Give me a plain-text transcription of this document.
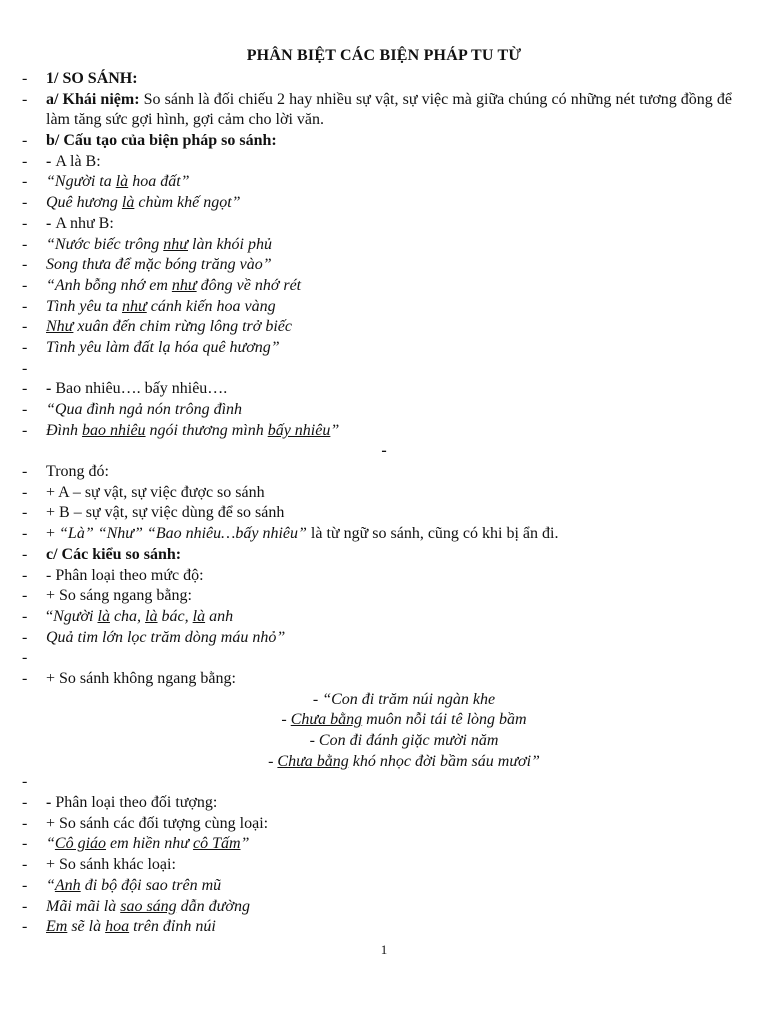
PHÂN BIỆT CÁC BIỆN PHÁP TU TỪ
- 1/ SO SÁNH:
- a/ Khái niệm: So sánh là đối chiếu 2 hay nhiều sự vật, sự việc mà giữa chúng có những nét tương đồng để làm tăng sức gợi hình, gợi cảm cho lời văn.
- b/ Cấu tạo của biện pháp so sánh:
- - A là B:
- “Người ta là hoa đất”
- Quê hương là chùm khế ngọt”
- - A như B:
- “Nước biếc trông như làn khói phủ
- Song thưa để mặc bóng trăng vào”
- “Anh bỗng nhớ em như đông về nhớ rét
- Tình yêu ta như cánh kiến hoa vàng
- Như xuân đến chim rừng lông trở biếc
- Tình yêu làm đất lạ hóa quê hương”
-
- - Bao nhiêu…. bấy nhiêu….
- “Qua đình ngả nón trông đình
- Đình bao nhiêu ngói thương mình bấy nhiêu”
-
- Trong đó:
- + A – sự vật, sự việc được so sánh
- + B – sự vật, sự việc dùng để so sánh
- + “Là” “Như” “Bao nhiêu…bấy nhiêu” là từ ngữ so sánh, cũng có khi bị ẩn đi.
- c/ Các kiểu so sánh:
- - Phân loại theo mức độ:
- + So sáng ngang bằng:
- “Người là cha, là bác, là anh
- Quả tim lớn lọc trăm dòng máu nhỏ”
-
- + So sánh không ngang bằng:
- “Con đi trăm núi ngàn khe
- Chưa bằng muôn nỗi tái tê lòng bầm
- Con đi đánh giặc mười năm
- Chưa bằng khó nhọc đời bầm sáu mươi”
-
- - Phân loại theo đối tượng:
- + So sánh các đối tượng cùng loại:
- “Cô giáo em hiền như cô Tấm”
- + So sánh khác loại:
- “Anh đi bộ đội sao trên mũ
- Mãi mãi là sao sáng dẫn đường
- Em sẽ là hoa trên đỉnh núi
1
